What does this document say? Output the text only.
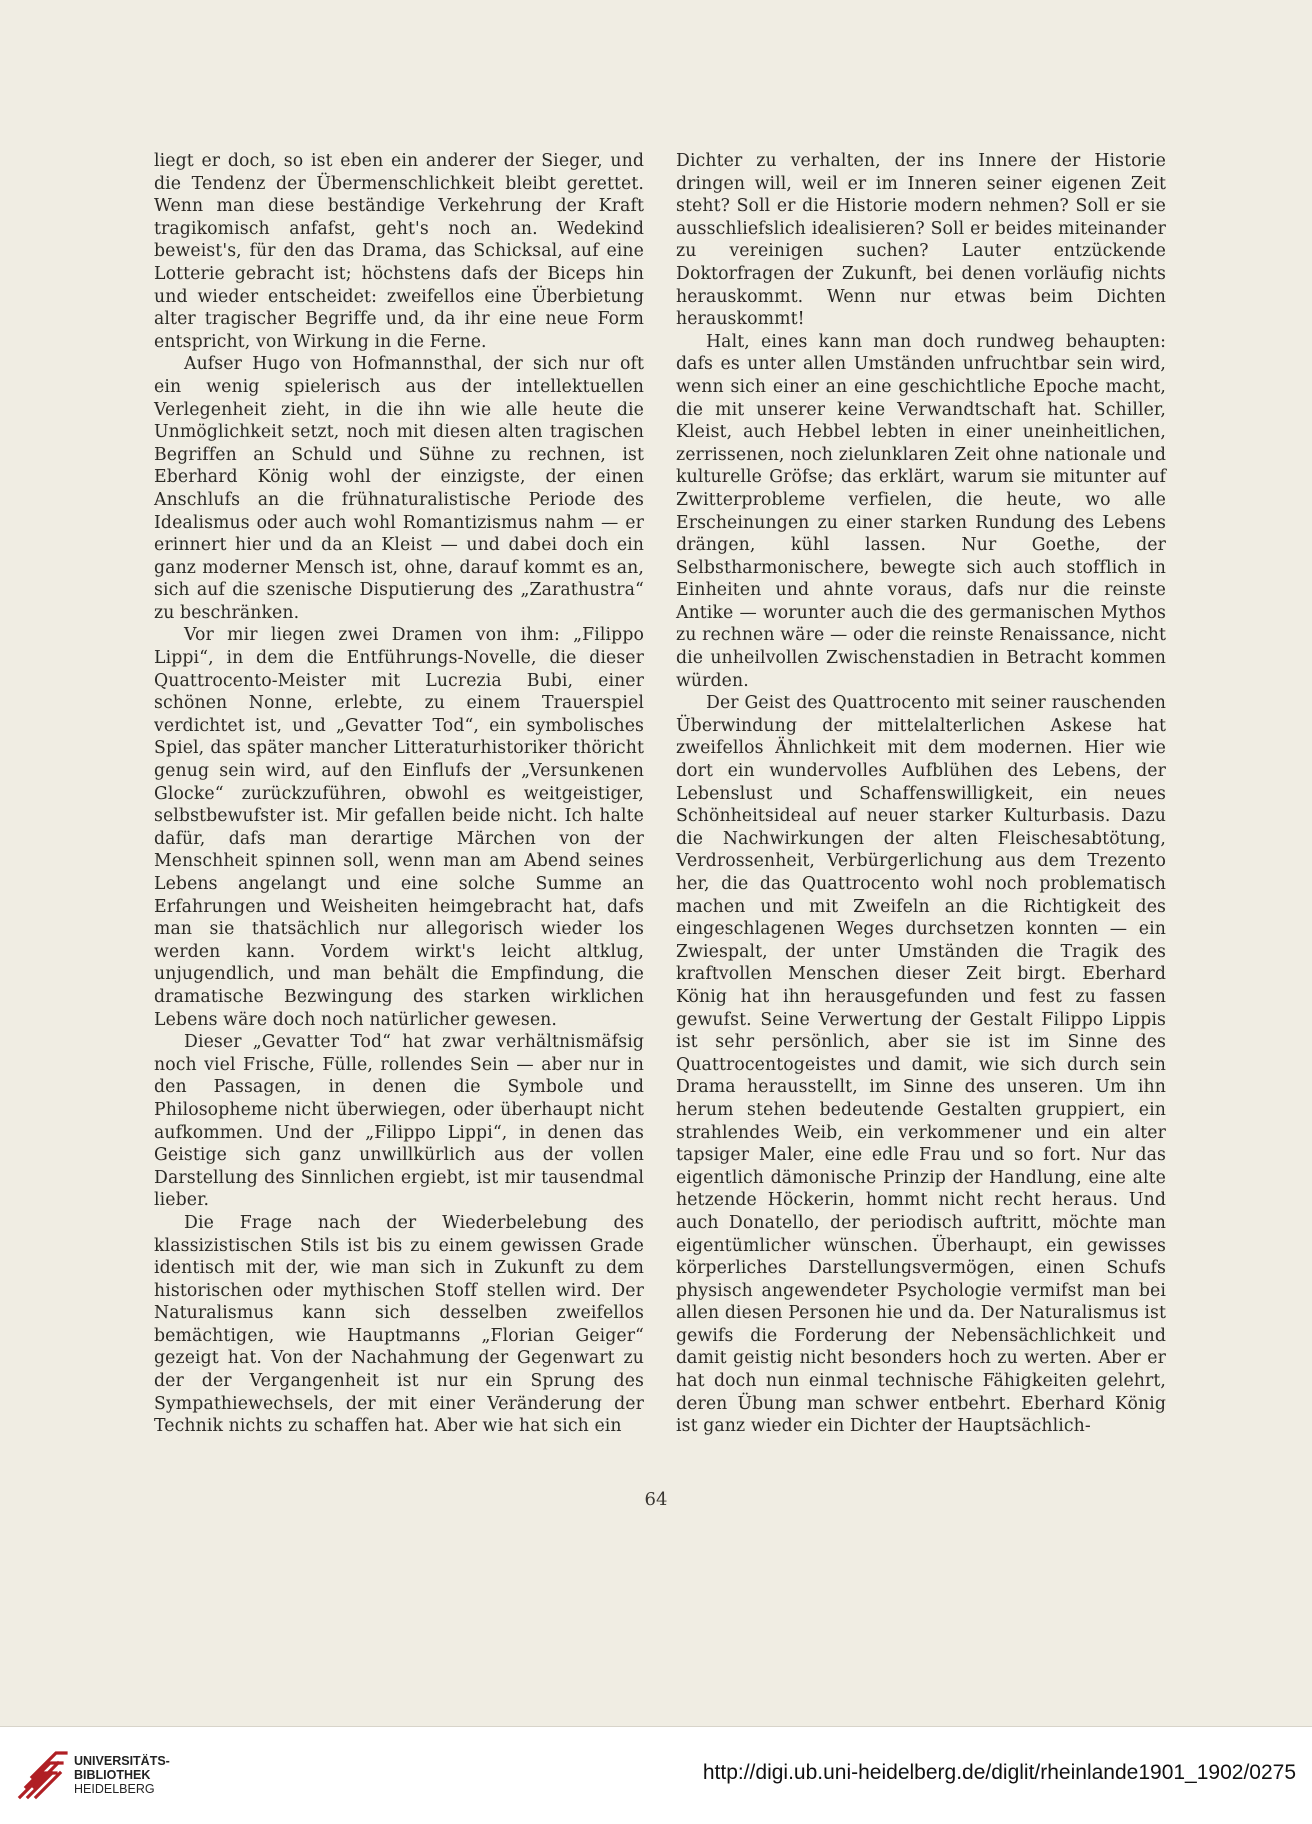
liegt er doch, so ist eben ein anderer der Sieger, und die Tendenz der Übermenschlichkeit bleibt gerettet. Wenn man diese beständige Verkehrung der Kraft tragikomisch anfafst, geht's noch an. Wedekind beweist's, für den das Drama, das Schicksal, auf eine Lotterie gebracht ist; höchstens dafs der Biceps hin und wieder entscheidet: zweifellos eine Überbietung alter tragischer Begriffe und, da ihr eine neue Form entspricht, von Wirkung in die Ferne.

Aufser Hugo von Hofmannsthal, der sich nur oft ein wenig spielerisch aus der intellektuellen Verlegenheit zieht, in die ihn wie alle heute die Unmöglichkeit setzt, noch mit diesen alten tragischen Begriffen an Schuld und Sühne zu rechnen, ist Eberhard König wohl der einzigste, der einen Anschlufs an die frühnaturalistische Periode des Idealismus oder auch wohl Romantizismus nahm — er erinnert hier und da an Kleist — und dabei doch ein ganz moderner Mensch ist, ohne, darauf kommt es an, sich auf die szenische Disputierung des „Zarathustra“ zu beschränken.

Vor mir liegen zwei Dramen von ihm: „Filippo Lippi“, in dem die Entführungs-Novelle, die dieser Quattrocento-Meister mit Lucrezia Bubi, einer schönen Nonne, erlebte, zu einem Trauerspiel verdichtet ist, und „Gevatter Tod“, ein symbolisches Spiel, das später mancher Litteraturhistoriker thöricht genug sein wird, auf den Einflufs der „Versunkenen Glocke“ zurückzuführen, obwohl es weitgeistiger, selbstbewufster ist. Mir gefallen beide nicht. Ich halte dafür, dafs man derartige Märchen von der Menschheit spinnen soll, wenn man am Abend seines Lebens angelangt und eine solche Summe an Erfahrungen und Weisheiten heimgebracht hat, dafs man sie thatsächlich nur allegorisch wieder los werden kann. Vordem wirkt's leicht altklug, unjugendlich, und man behält die Empfindung, die dramatische Bezwingung des starken wirklichen Lebens wäre doch noch natürlicher gewesen.

Dieser „Gevatter Tod“ hat zwar verhältnismäfsig noch viel Frische, Fülle, rollendes Sein — aber nur in den Passagen, in denen die Symbole und Philosopheme nicht überwiegen, oder überhaupt nicht aufkommen. Und der „Filippo Lippi“, in denen das Geistige sich ganz unwillkürlich aus der vollen Darstellung des Sinnlichen ergiebt, ist mir tausendmal lieber.

Die Frage nach der Wiederbelebung des klassizistischen Stils ist bis zu einem gewissen Grade identisch mit der, wie man sich in Zukunft zu dem historischen oder mythischen Stoff stellen wird. Der Naturalismus kann sich desselben zweifellos bemächtigen, wie Hauptmanns „Florian Geiger“ gezeigt hat. Von der Nachahmung der Gegenwart zu der der Vergangenheit ist nur ein Sprung des Sympathiewechsels, der mit einer Veränderung der Technik nichts zu schaffen hat. Aber wie hat sich ein

Dichter zu verhalten, der ins Innere der Historie dringen will, weil er im Inneren seiner eigenen Zeit steht? Soll er die Historie modern nehmen? Soll er sie ausschliefslich idealisieren? Soll er beides miteinander zu vereinigen suchen? Lauter entzückende Doktorfragen der Zukunft, bei denen vorläufig nichts herauskommt. Wenn nur etwas beim Dichten herauskommt!

Halt, eines kann man doch rundweg behaupten: dafs es unter allen Umständen unfruchtbar sein wird, wenn sich einer an eine geschichtliche Epoche macht, die mit unserer keine Verwandtschaft hat. Schiller, Kleist, auch Hebbel lebten in einer uneinheitlichen, zerrissenen, noch zielunklaren Zeit ohne nationale und kulturelle Gröfse; das erklärt, warum sie mitunter auf Zwitterprobleme verfielen, die heute, wo alle Erscheinungen zu einer starken Rundung des Lebens drängen, kühl lassen. Nur Goethe, der Selbstharmonischere, bewegte sich auch stofflich in Einheiten und ahnte voraus, dafs nur die reinste Antike — worunter auch die des germanischen Mythos zu rechnen wäre — oder die reinste Renaissance, nicht die unheilvollen Zwischenstadien in Betracht kommen würden.

Der Geist des Quattrocento mit seiner rauschenden Überwindung der mittelalterlichen Askese hat zweifellos Ähnlichkeit mit dem modernen. Hier wie dort ein wundervolles Aufblühen des Lebens, der Lebenslust und Schaffenswilligkeit, ein neues Schönheitsideal auf neuer starker Kulturbasis. Dazu die Nachwirkungen der alten Fleischesabtötung, Verdrossenheit, Verbürgerlichung aus dem Trezento her, die das Quattrocento wohl noch problematisch machen und mit Zweifeln an die Richtigkeit des eingeschlagenen Weges durchsetzen konnten — ein Zwiespalt, der unter Umständen die Tragik des kraftvollen Menschen dieser Zeit birgt. Eberhard König hat ihn herausgefunden und fest zu fassen gewufst. Seine Verwertung der Gestalt Filippo Lippis ist sehr persönlich, aber sie ist im Sinne des Quattrocentogeistes und damit, wie sich durch sein Drama herausstellt, im Sinne des unseren. Um ihn herum stehen bedeutende Gestalten gruppiert, ein strahlendes Weib, ein verkommener und ein alter tapsiger Maler, eine edle Frau und so fort. Nur das eigentlich dämonische Prinzip der Handlung, eine alte hetzende Höckerin, hommt nicht recht heraus. Und auch Donatello, der periodisch auftritt, möchte man eigentümlicher wünschen. Überhaupt, ein gewisses körperliches Darstellungsvermögen, einen Schufs physisch angewendeter Psychologie vermifst man bei allen diesen Personen hie und da. Der Naturalismus ist gewifs die Forderung der Nebensächlichkeit und damit geistig nicht besonders hoch zu werten. Aber er hat doch nun einmal technische Fähigkeiten gelehrt, deren Übung man schwer entbehrt. Eberhard König ist ganz wieder ein Dichter der Hauptsächlich-

64
UNIVERSITÄTS-
BIBLIOTHEK
HEIDELBERG
http://digi.ub.uni-heidelberg.de/diglit/rheinlande1901_1902/0275
